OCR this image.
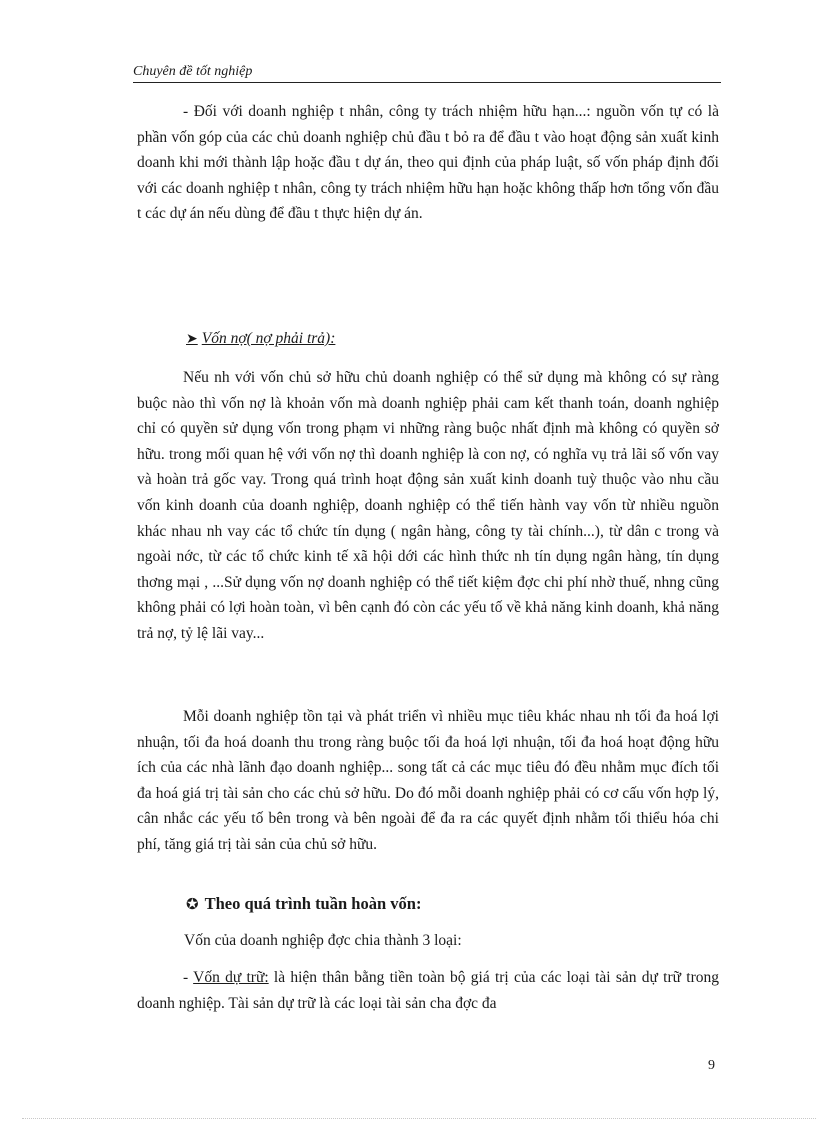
Chuyên đề tốt nghiệp

- Đối với doanh nghiệp t nhân, công ty trách nhiệm hữu hạn...: nguồn vốn tự có là phần vốn góp của các chủ doanh nghiệp chủ đầu t bỏ ra để đầu t vào hoạt động sản xuất kinh doanh khi mới thành lập hoặc đầu t dự án, theo qui định của pháp luật, số vốn pháp định đối với các doanh nghiệp t nhân, công ty trách nhiệm hữu hạn hoặc không thấp hơn tổng vốn đầu t các dự án nếu dùng để đầu t thực hiện dự án.

➤ Vốn nợ( nợ phải trả):

Nếu nh với vốn chủ sở hữu chủ doanh nghiệp có thể sử dụng mà không có sự ràng buộc nào thì vốn nợ là khoản vốn mà doanh nghiệp phải cam kết thanh toán, doanh nghiệp chỉ có quyền sử dụng vốn trong phạm vi những ràng buộc nhất định mà không có quyền sở hữu. trong mối quan hệ với vốn nợ thì doanh nghiệp là con nợ, có nghĩa vụ trả lãi số vốn vay và hoàn trả gốc vay. Trong quá trình hoạt động sản xuất kinh doanh tuỳ thuộc vào nhu cầu vốn kinh doanh của doanh nghiệp, doanh nghiệp có thể tiến hành vay vốn từ nhiều nguồn khác nhau nh vay các tổ chức tín dụng ( ngân hàng, công ty tài chính...), từ dân c trong và ngoài nớc, từ các tổ chức kinh tế xã hội dới các hình thức nh tín dụng ngân hàng, tín dụng thơng mại , ...Sử dụng vốn nợ doanh nghiệp có thể tiết kiệm đợc chi phí nhờ thuế, nhng cũng không phải có lợi hoàn toàn, vì bên cạnh đó còn các yếu tố về khả năng kinh doanh, khả năng trả nợ, tỷ lệ lãi vay...

Mỗi doanh nghiệp tồn tại và phát triển vì nhiều mục tiêu khác nhau nh tối đa hoá lợi nhuận, tối đa hoá doanh thu trong ràng buộc tối đa hoá lợi nhuận, tối đa hoá hoạt động hữu ích của các nhà lãnh đạo doanh nghiệp... song tất cả các mục tiêu đó đều nhằm mục đích tối đa hoá giá trị tài sản cho các chủ sở hữu. Do đó mỗi doanh nghiệp phải có cơ cấu vốn hợp lý, cân nhắc các yếu tố bên trong và bên ngoài để đa ra các quyết định nhằm tối thiểu hóa chi phí, tăng giá trị tài sản của chủ sở hữu.

✪ Theo quá trình tuần hoàn vốn:
Vốn của doanh nghiệp đợc chia thành 3 loại:

- Vốn dự trữ: là hiện thân bằng tiền toàn bộ giá trị của các loại tài sản dự trữ trong doanh nghiệp. Tài sản dự trữ là các loại tài sản cha đợc đa

9
